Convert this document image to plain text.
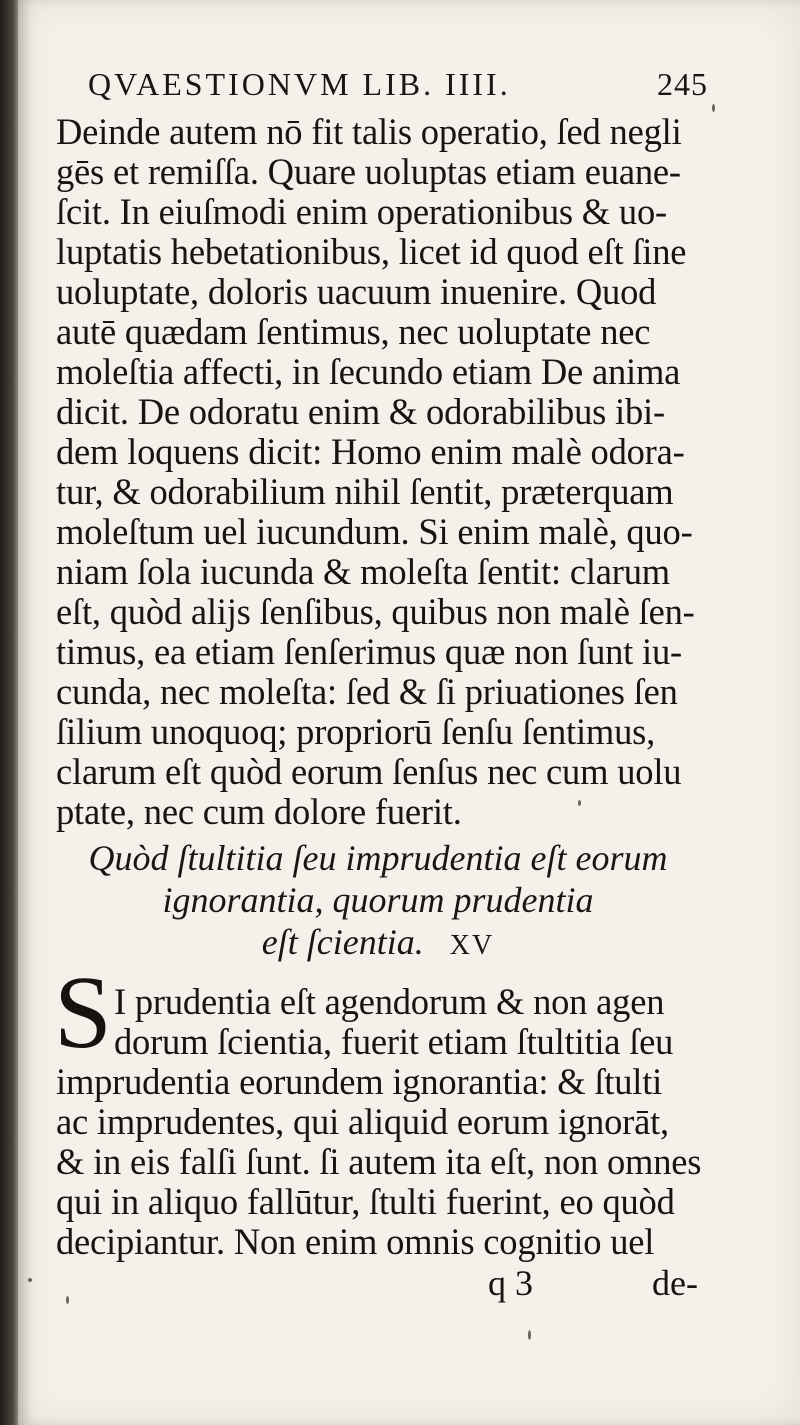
QVAESTIONVM LIB. IIII.	245
Deinde autem nō fit talis operatio, ſed negli
gēs et remiſſa. Quare uoluptas etiam euane-
ſcit. In eiuſmodi enim operationibus & uo-
luptatis hebetationibus, licet id quod eſt ſine
uoluptate, doloris uacuum inuenire. Quod
autē quædam ſentimus, nec uoluptate nec
moleſtia affecti, in ſecundo etiam De anima
dicit. De odoratu enim & odorabilibus ibi-
dem loquens dicit: Homo enim malè odora-
tur, & odorabilium nihil ſentit, præterquam
moleſtum uel iucundum. Si enim malè, quo-
niam ſola iucunda & moleſta ſentit: clarum
eſt, quòd alijs ſenſibus, quibus non malè ſen-
timus, ea etiam ſenſerimus quæ non ſunt iu-
cunda, nec moleſta: ſed & ſi priuationes ſen
ſilium unoquoq; propriorū ſenſu ſentimus,
clarum eſt quòd eorum ſenſus nec cum uolu
ptate, nec cum dolore fuerit.
Quòd ſtultitia ſeu imprudentia eſt eorum
ignorantia, quorum prudentia
eſt ſcientia. XV
S I prudentia eſt agendorum & non agen
dorum ſcientia, fuerit etiam ſtultitia ſeu
imprudentia eorundem ignorantia: & ſtulti
ac imprudentes, qui aliquid eorum ignorāt,
& in eis falſi ſunt. ſi autem ita eſt, non omnes
qui in aliquo fallūtur, ſtulti fuerint, eo quòd
decipiantur. Non enim omnis cognitio uel
q 3	de-
